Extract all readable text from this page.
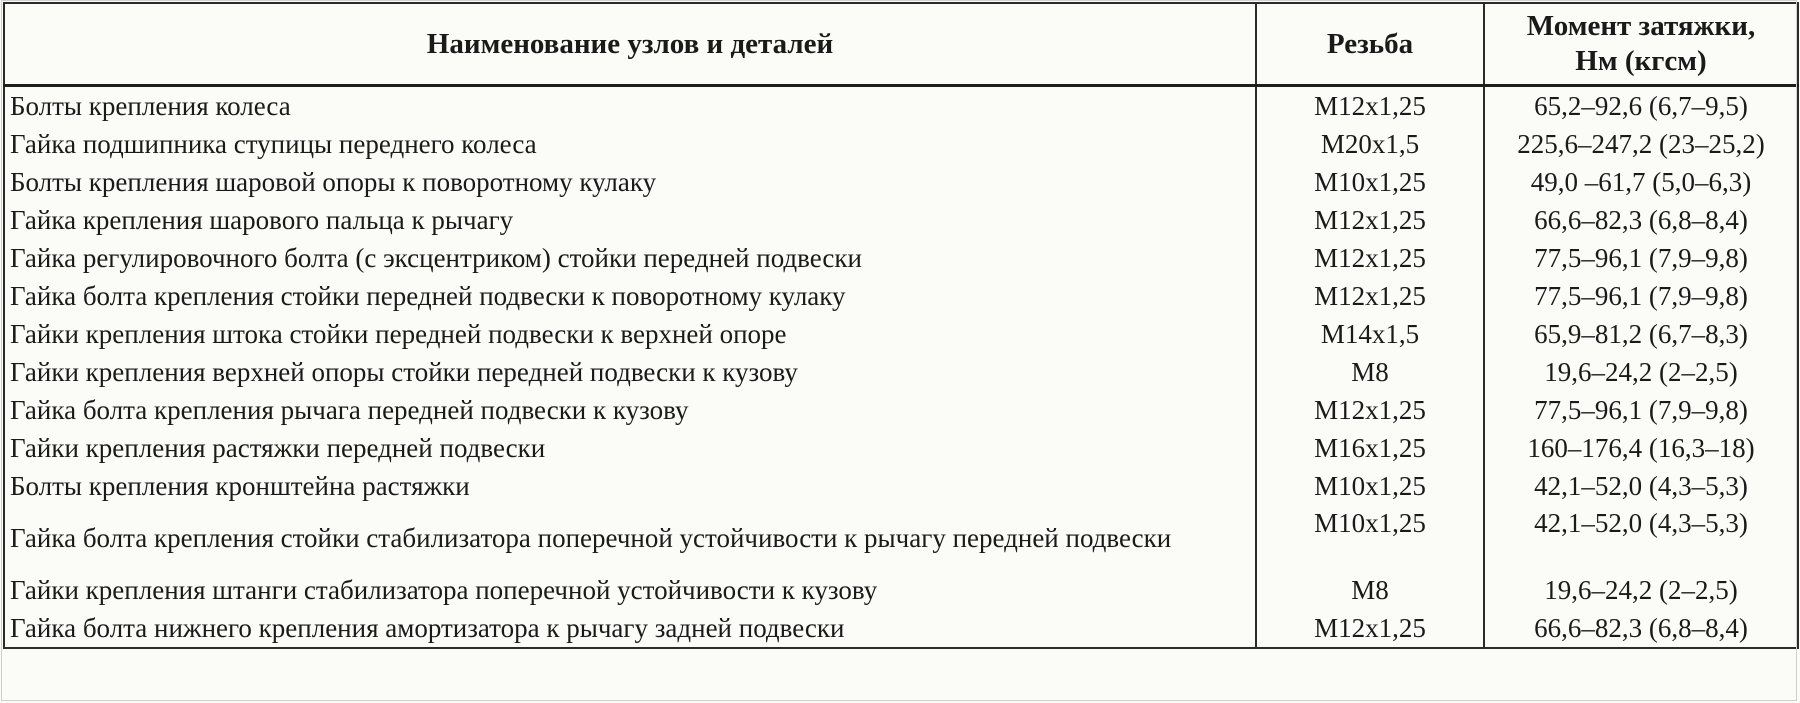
Наименование узлов и деталей	Резьба	Момент затяжки,
Нм (кгсм)
Болты крепления колеса	М12х1,25	65,2–92,6 (6,7–9,5)
Гайка подшипника ступицы переднего колеса	М20х1,5	225,6–247,2 (23–25,2)
Болты крепления шаровой опоры к поворотному кулаку	М10х1,25	49,0 –61,7 (5,0–6,3)
Гайка крепления шарового пальца к рычагу	М12х1,25	66,6–82,3 (6,8–8,4)
Гайка регулировочного болта (с эксцентриком) стойки передней подвески	М12х1,25	77,5–96,1 (7,9–9,8)
Гайка болта крепления стойки передней подвески к поворотному кулаку	М12х1,25	77,5–96,1 (7,9–9,8)
Гайки крепления штока стойки передней подвески к верхней опоре	М14х1,5	65,9–81,2 (6,7–8,3)
Гайки крепления верхней опоры стойки передней подвески к кузову	М8	19,6–24,2 (2–2,5)
Гайка болта крепления рычага передней подвески к кузову	М12х1,25	77,5–96,1 (7,9–9,8)
Гайки крепления растяжки передней подвески	М16х1,25	160–176,4 (16,3–18)
Болты крепления кронштейна растяжки	М10х1,25	42,1–52,0 (4,3–5,3)
Гайка болта крепления стойки стабилизатора поперечной устойчивости к рычагу передней подвески	М10х1,25	42,1–52,0 (4,3–5,3)
Гайки крепления штанги стабилизатора поперечной устойчивости к кузову	М8	19,6–24,2 (2–2,5)
Гайка болта нижнего крепления амортизатора к рычагу задней подвески	М12х1,25	66,6–82,3 (6,8–8,4)
